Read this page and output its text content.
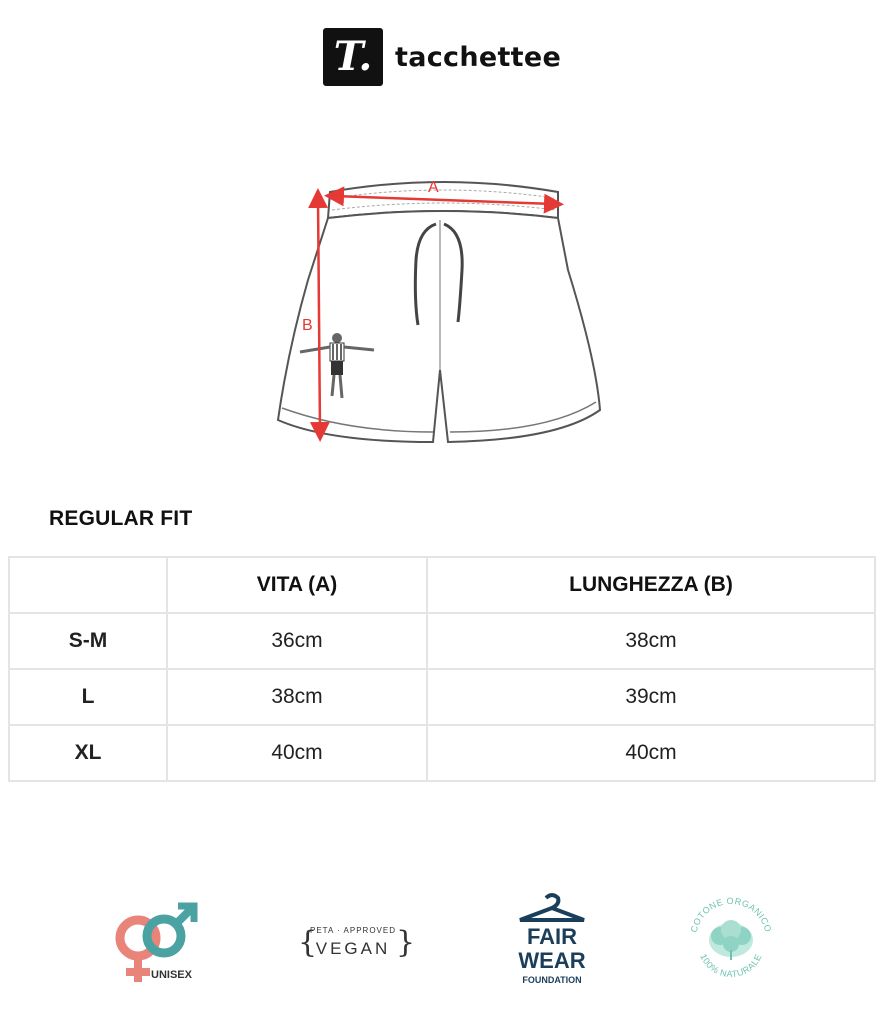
T. tacchettee
A
B
REGULAR FIT
	VITA (A)	LUNGHEZZA (B)
S-M	36cm	38cm
L	38cm	39cm
XL	40cm	40cm
UNISEX
{	}
PETA · APPROVED
VEGAN	FAIR
WEAR
FOUNDATION
COTONE ORGANICO
100% NATURALE
